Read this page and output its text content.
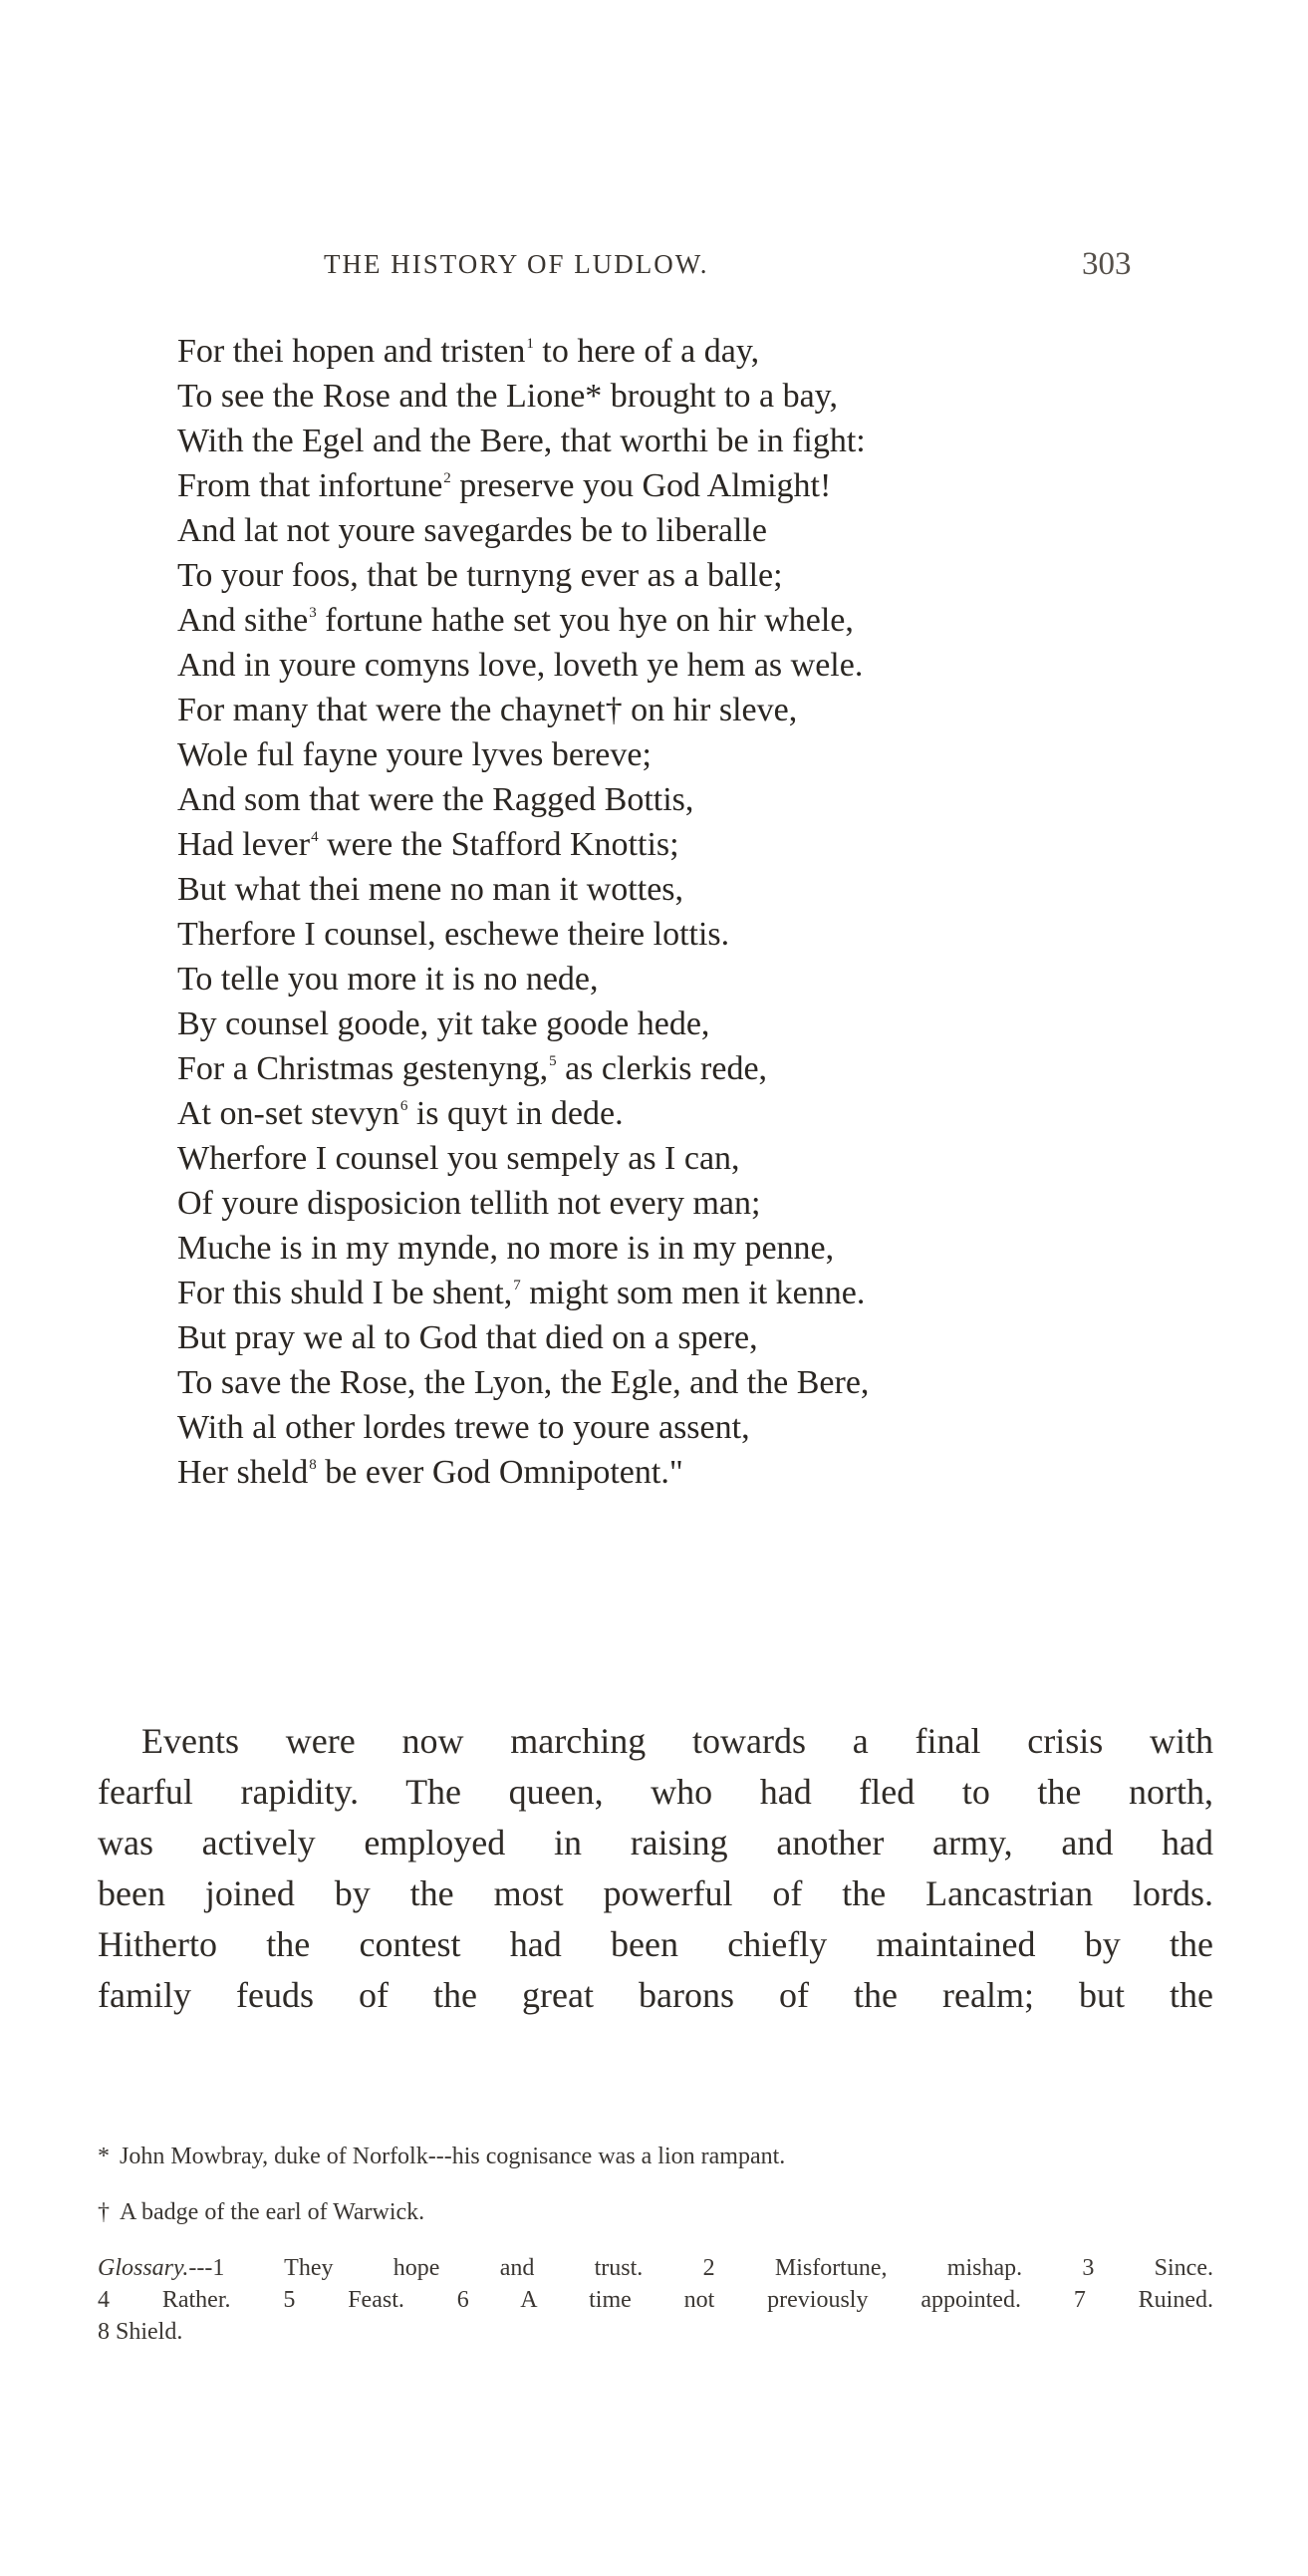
THE HISTORY OF LUDLOW.	303
For thei hopen and tristen$^1$ to here of a day,
To see the Rose and the Lione* brought to a bay,
With the Egel and the Bere, that worthi be in fight:
From that infortune$^2$ preserve you God Almight!
And lat not youre savegardes be to liberalle
To your foos, that be turnyng ever as a balle;
And sithe$^3$ fortune hathe set you hye on hir whele,
And in youre comyns love, loveth ye hem as wele.
For many that were the chaynet† on hir sleve,
Wole ful fayne youre lyves bereve;
And som that were the Ragged Bottis,
Had lever$^4$ were the Stafford Knottis;
But what thei mene no man it wottes,
Therfore I counsel, eschewe theire lottis.
To telle you more it is no nede,
By counsel goode, yit take goode hede,
For a Christmas gestenyng,$^5$ as clerkis rede,
At on-set stevyn$^6$ is quyt in dede.
Wherfore I counsel you sempely as I can,
Of youre disposicion tellith not every man;
Muche is in my mynde, no more is in my penne,
For this shuld I be shent,$^7$ might som men it kenne.
But pray we al to God that died on a spere,
To save the Rose, the Lyon, the Egle, and the Bere,
With al other lordes trewe to youre assent,
Her sheld$^8$ be ever God Omnipotent."
Events were now marching towards a final crisis with
fearful rapidity. The queen, who had fled to the north,
was actively employed in raising another army, and had
been joined by the most powerful of the Lancastrian lords.
Hitherto the contest had been chiefly maintained by the
family feuds of the great barons of the realm; but the
* John Mowbray, duke of Norfolk---his cognisance was a lion rampant.
† A badge of the earl of Warwick.
Glossary.---1 They hope and trust. 2 Misfortune, mishap. 3 Since.
4 Rather. 5 Feast. 6 A time not previously appointed. 7 Ruined.
8 Shield.
